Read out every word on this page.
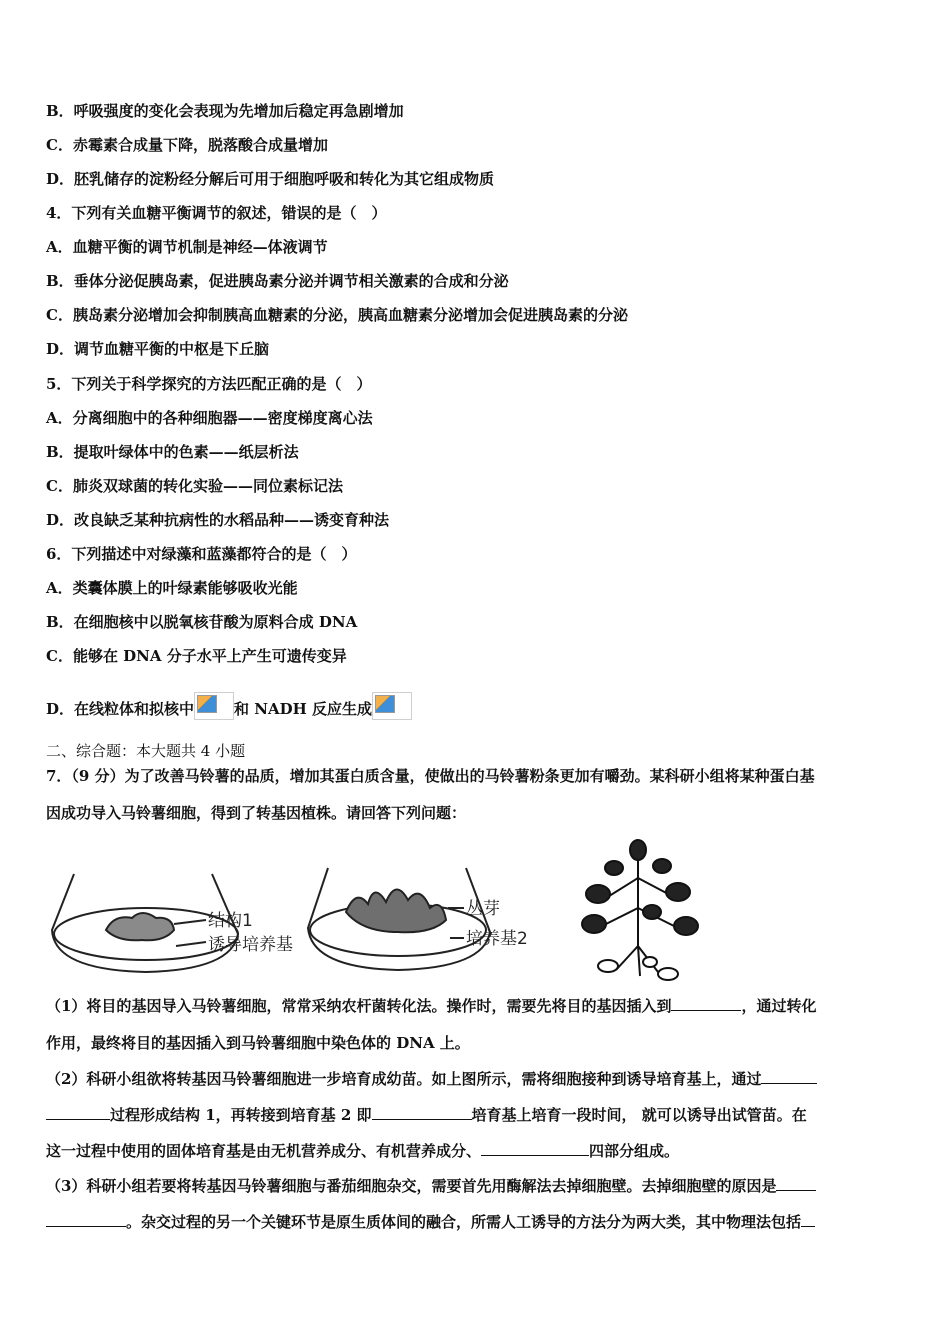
B．呼吸强度的变化会表现为先增加后稳定再急剧增加
C．赤霉素合成量下降，脱落酸合成量增加
D．胚乳储存的淀粉经分解后可用于细胞呼吸和转化为其它组成物质
4．下列有关血糖平衡调节的叙述，错误的是（　）
A．血糖平衡的调节机制是神经—体液调节
B．垂体分泌促胰岛素，促进胰岛素分泌并调节相关激素的合成和分泌
C．胰岛素分泌增加会抑制胰高血糖素的分泌，胰高血糖素分泌增加会促进胰岛素的分泌
D．调节血糖平衡的中枢是下丘脑
5．下列关于科学探究的方法匹配正确的是（　）
A．分离细胞中的各种细胞器——密度梯度离心法
B．提取叶绿体中的色素——纸层析法
C．肺炎双球菌的转化实验——同位素标记法
D．改良缺乏某种抗病性的水稻品种——诱变育种法
6．下列描述中对绿藻和蓝藻都符合的是（　）
A．类囊体膜上的叶绿素能够吸收光能
B．在细胞核中以脱氧核苷酸为原料合成 DNA
C．能够在 DNA 分子水平上产生可遗传变异
D．在线粒体和拟核中	和 NADH 反应生成
二、综合题：本大题共 4 小题
7．（9 分）为了改善马铃薯的品质，增加其蛋白质含量，使做出的马铃薯粉条更加有嚼劲。某科研小组将某种蛋白基
因成功导入马铃薯细胞，得到了转基因植株。请回答下列问题：
结构1
诱导培养基
丛芽
培养基2
（1）将目的基因导入马铃薯细胞，常常采纳农杆菌转化法。操作时，需要先将目的基因插入到	，通过转化
作用，最终将目的基因插入到马铃薯细胞中染色体的 DNA 上。
（2）科研小组欲将转基因马铃薯细胞进一步培育成幼苗。如上图所示，需将细胞接种到诱导培育基上，通过
过程形成结构 1，再转接到培育基 2 即	培育基上培育一段时间， 就可以诱导出试管苗。在
这一过程中使用的固体培育基是由无机营养成分、有机营养成分、	四部分组成。
（3）科研小组若要将转基因马铃薯细胞与番茄细胞杂交，需要首先用酶解法去掉细胞壁。去掉细胞壁的原因是
。杂交过程的另一个关键环节是原生质体间的融合，所需人工诱导的方法分为两大类，其中物理法包括
